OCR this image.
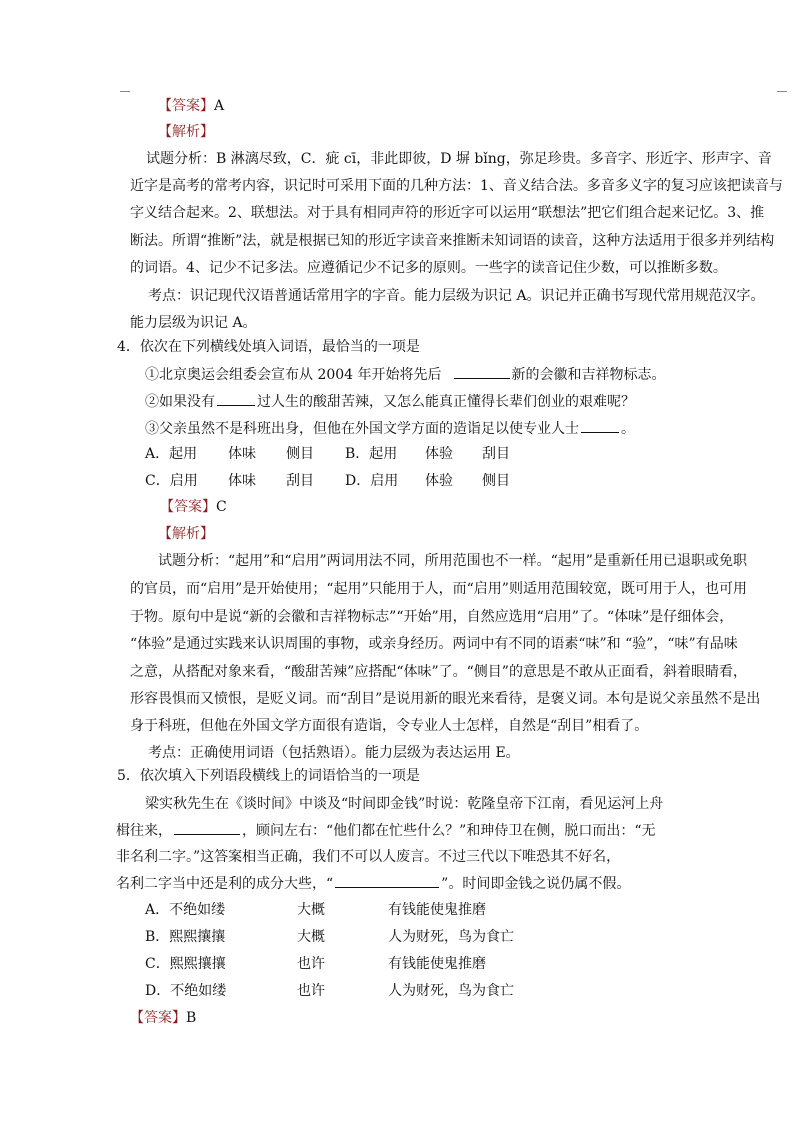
【答案】A
【解析】
试题分析：B 淋漓尽致，C．疵 cī，非此即彼，D 塀 bǐng，弥足珍贵。多音字、形近字、形声字、音
近字是高考的常考内容，识记时可采用下面的几种方法：1、音义结合法。多音多义字的复习应该把读音与
字义结合起来。2、联想法。对于具有相同声符的形近字可以运用“联想法”把它们组合起来记忆。3、推
断法。所谓“推断”法，就是根据已知的形近字读音来推断未知词语的读音，这种方法适用于很多并列结构
的词语。4、记少不记多法。应遵循记少不记多的原则。一些字的读音记住少数，可以推断多数。
考点：识记现代汉语普通话常用字的字音。能力层级为识记 A。识记并正确书写现代常用规范汉字。
能力层级为识记 A。
4．依次在下列横线处填入词语，最恰当的一项是
①北京奥运会组委会宣布从 2004 年开始将先后	新的会徽和吉祥物标志。
②如果没有	过人生的酸甜苦辣，又怎么能真正懂得长辈们创业的艰难呢？
③父亲虽然不是科班出身，但他在外国文学方面的造诣足以使专业人士	。
A．起用 体味 侧目 B．起用 体验 刮目
C．启用 体味 刮目 D．启用 体验 侧目
【答案】C
【解析】
试题分析：“起用”和“启用”两词用法不同，所用范围也不一样。“起用”是重新任用已退职或免职
的官员，而“启用”是开始使用；“起用”只能用于人，而“启用”则适用范围较宽，既可用于人，也可用
于物。原句中是说“新的会徽和吉祥物标志”“开始”用，自然应选用“启用”了。“体味”是仔细体会，
“体验”是通过实践来认识周围的事物，或亲身经历。两词中有不同的语素“味”和 “验”，“味”有品味
之意，从搭配对象来看，“酸甜苦辣”应搭配“体味”了。“侧目”的意思是不敢从正面看，斜着眼睛看，
形容畏惧而又愤恨，是贬义词。而“刮目”是说用新的眼光来看待，是褒义词。本句是说父亲虽然不是出
身于科班，但他在外国文学方面很有造诣，令专业人士怎样，自然是“刮目”相看了。
考点：正确使用词语（包括熟语）。能力层级为表达运用 E。
5．依次填入下列语段横线上的词语恰当的一项是
梁实秋先生在《谈时间》中谈及“时间即金钱”时说：乾隆皇帝下江南，看见运河上舟
楫往来，	，顾问左右：“他们都在忙些什么？”和珅侍卫在侧，脱口而出：“无
非名利二字。”这答案相当正确，我们不可以人废言。不过三代以下唯恐其不好名，
名利二字当中还是利的成分大些，“	”。时间即金钱之说仍属不假。
A．不绝如缕	大概	有钱能使鬼推磨
B．熙熙攘攘	大概	人为财死，鸟为食亡
C．熙熙攘攘	也许	有钱能使鬼推磨
D．不绝如缕	也许	人为财死，鸟为食亡
【答案】B
